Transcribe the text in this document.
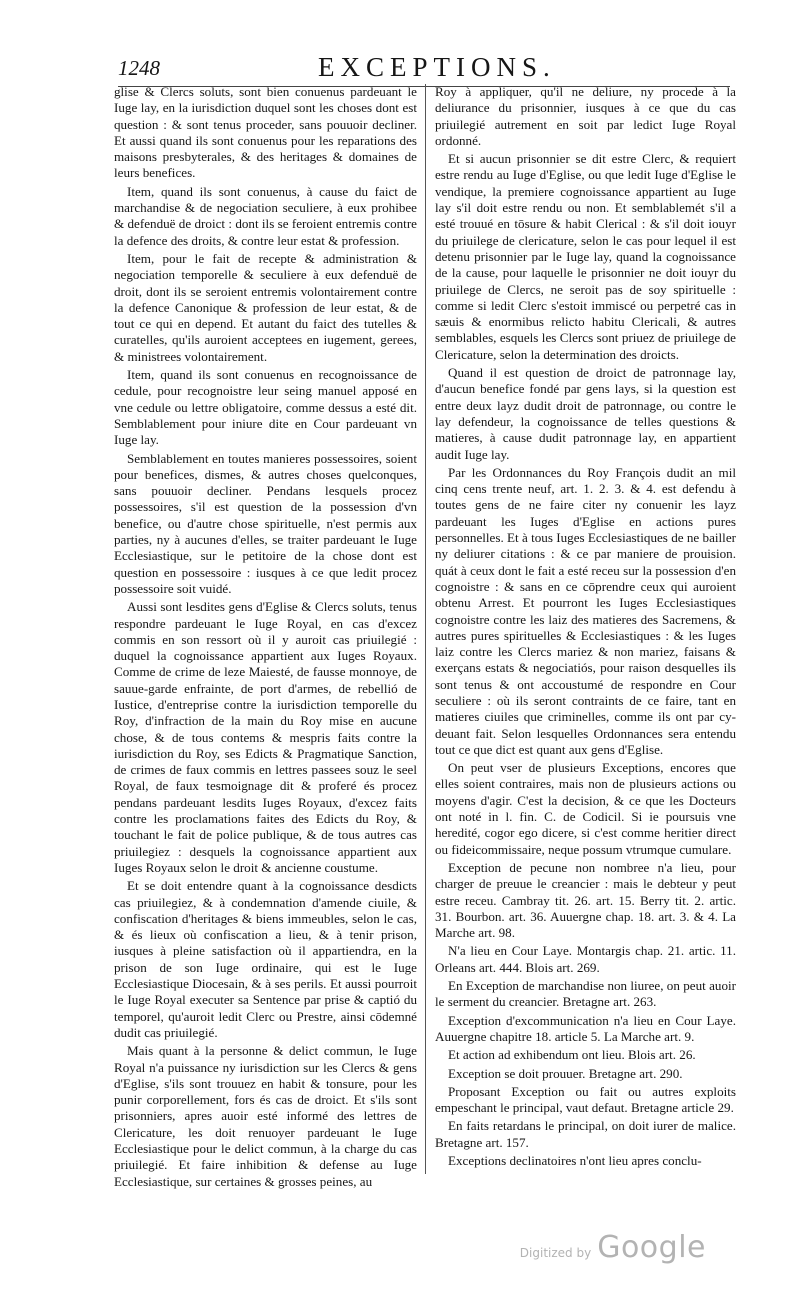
1248	EXCEPTIONS.

glise & Clercs soluts, sont bien conuenus pardeuant le Iuge lay, en la iurisdiction duquel sont les choses dont est question : & sont tenus proceder, sans pouuoir decliner. Et aussi quand ils sont conuenus pour les reparations des maisons presbyterales, & des heritages & domaines de leurs benefices.

Item, quand ils sont conuenus, à cause du faict de marchandise & de negociation seculiere, à eux prohibee & defenduë de droict : dont ils se feroient entremis contre la defence des droits, & contre leur estat & profession.

Item, pour le fait de recepte & administration & negociation temporelle & seculiere à eux defenduë de droit, dont ils se seroient entremis volontairement contre la defence Canonique & profession de leur estat, & de tout ce qui en depend. Et autant du faict des tutelles & curatelles, qu'ils auroient acceptees en iugement, gerees, & ministrees volontairement.

Item, quand ils sont conuenus en recognoissance de cedule, pour recognoistre leur seing manuel apposé en vne cedule ou lettre obligatoire, comme dessus a esté dit. Semblablement pour iniure dite en Cour pardeuant vn Iuge lay.

Semblablement en toutes manieres possessoires, soient pour benefices, dismes, & autres choses quelconques, sans pouuoir decliner. Pendans lesquels procez possessoires, s'il est question de la possession d'vn benefice, ou d'autre chose spirituelle, n'est permis aux parties, ny à aucunes d'elles, se traiter pardeuant le Iuge Ecclesiastique, sur le petitoire de la chose dont est question en possessoire : iusques à ce que ledit procez possessoire soit vuidé.

Aussi sont lesdites gens d'Eglise & Clercs soluts, tenus respondre pardeuant le Iuge Royal, en cas d'excez commis en son ressort où il y auroit cas priuilegié : duquel la cognoissance appartient aux Iuges Royaux. Comme de crime de leze Maiesté, de fausse monnoye, de sauue-garde enfrainte, de port d'armes, de rebellió de Iustice, d'entreprise contre la iurisdiction temporelle du Roy, d'infraction de la main du Roy mise en aucune chose, & de tous contems & mespris faits contre la iurisdiction du Roy, ses Edicts & Pragmatique Sanction, de crimes de faux commis en lettres passees souz le seel Royal, de faux tesmoignage dit & proferé és procez pendans pardeuant lesdits Iuges Royaux, d'excez faits contre les proclamations faites des Edicts du Roy, & touchant le fait de police publique, & de tous autres cas priuilegiez : desquels la cognoissance appartient aux Iuges Royaux selon le droit & ancienne coustume.

Et se doit entendre quant à la cognoissance desdicts cas priuilegiez, & à condemnation d'amende ciuile, & confiscation d'heritages & biens immeubles, selon le cas, & és lieux où confiscation a lieu, & à tenir prison, iusques à pleine satisfaction où il appartiendra, en la prison de son Iuge ordinaire, qui est le Iuge Ecclesiastique Diocesain, & à ses perils. Et aussi pourroit le Iuge Royal executer sa Sentence par prise & captió du temporel, qu'auroit ledit Clerc ou Prestre, ainsi cōdemné dudit cas priuilegié.

Mais quant à la personne & delict commun, le Iuge Royal n'a puissance ny iurisdiction sur les Clercs & gens d'Eglise, s'ils sont trouuez en habit & tonsure, pour les punir corporellement, fors és cas de droict. Et s'ils sont prisonniers, apres auoir esté informé des lettres de Clericature, les doit renuoyer pardeuant le Iuge Ecclesiastique pour le delict commun, à la charge du cas priuilegié. Et faire inhibition & defense au Iuge Ecclesiastique, sur certaines & grosses peines, au

Roy à appliquer, qu'il ne deliure, ny procede à la deliurance du prisonnier, iusques à ce que du cas priuilegié autrement en soit par ledict Iuge Royal ordonné.

Et si aucun prisonnier se dit estre Clerc, & requiert estre rendu au Iuge d'Eglise, ou que ledit Iuge d'Eglise le vendique, la premiere cognoissance appartient au Iuge lay s'il doit estre rendu ou non. Et semblablemét s'il a esté trouué en tōsure & habit Clerical : & s'il doit iouyr du priuilege de clericature, selon le cas pour lequel il est detenu prisonnier par le Iuge lay, quand la cognoissance de la cause, pour laquelle le prisonnier ne doit iouyr du priuilege de Clercs, ne seroit pas de soy spirituelle : comme si ledit Clerc s'estoit immiscé ou perpetré cas in sæuis & enormibus relicto habitu Clericali, & autres semblables, esquels les Clercs sont priuez de priuilege de Clericature, selon la determination des droicts.

Quand il est question de droict de patronnage lay, d'aucun benefice fondé par gens lays, si la question est entre deux layz dudit droit de patronnage, ou contre le lay defendeur, la cognoissance de telles questions & matieres, à cause dudit patronnage lay, en appartient audit Iuge lay.

Par les Ordonnances du Roy François dudit an mil cinq cens trente neuf, art. 1. 2. 3. & 4. est defendu à toutes gens de ne faire citer ny conuenir les layz pardeuant les Iuges d'Eglise en actions pures personnelles. Et à tous Iuges Ecclesiastiques de ne bailler ny deliurer citations : & ce par maniere de prouision. quát à ceux dont le fait a esté receu sur la possession d'en cognoistre : & sans en ce cōprendre ceux qui auroient obtenu Arrest. Et pourront les Iuges Ecclesiastiques cognoistre contre les laiz des matieres des Sacremens, & autres pures spirituelles & Ecclesiastiques : & les Iuges laiz contre les Clercs mariez & non mariez, faisans & exerçans estats & negociatiós, pour raison desquelles ils sont tenus & ont accoustumé de respondre en Cour seculiere : où ils seront contraints de ce faire, tant en matieres ciuiles que criminelles, comme ils ont par cy-deuant fait. Selon lesquelles Ordonnances sera entendu tout ce que dict est quant aux gens d'Eglise.

On peut vser de plusieurs Exceptions, encores que elles soient contraires, mais non de plusieurs actions ou moyens d'agir. C'est la decision, & ce que les Docteurs ont noté in l. fin. C. de Codicil. Si ie poursuis vne heredité, cogor ego dicere, si c'est comme heritier direct ou fideicommissaire, neque possum vtrumque cumulare.

Exception de pecune non nombree n'a lieu, pour charger de preuue le creancier : mais le debteur y peut estre receu. Cambray tit. 26. art. 15. Berry tit. 2. artic. 31. Bourbon. art. 36. Auuergne chap. 18. art. 3. & 4. La Marche art. 98.

N'a lieu en Cour Laye. Montargis chap. 21. artic. 11. Orleans art. 444. Blois art. 269.

En Exception de marchandise non liuree, on peut auoir le serment du creancier. Bretagne art. 263.

Exception d'excommunication n'a lieu en Cour Laye. Auuergne chapitre 18. article 5. La Marche art. 9.

Et action ad exhibendum ont lieu. Blois art. 26.

Exception se doit prouuer. Bretagne art. 290.

Proposant Exception ou fait ou autres exploits empeschant le principal, vaut defaut. Bretagne article 29.

En faits retardans le principal, on doit iurer de malice. Bretagne art. 157.

Exceptions declinatoires n'ont lieu apres conclu-

Digitized by Google
